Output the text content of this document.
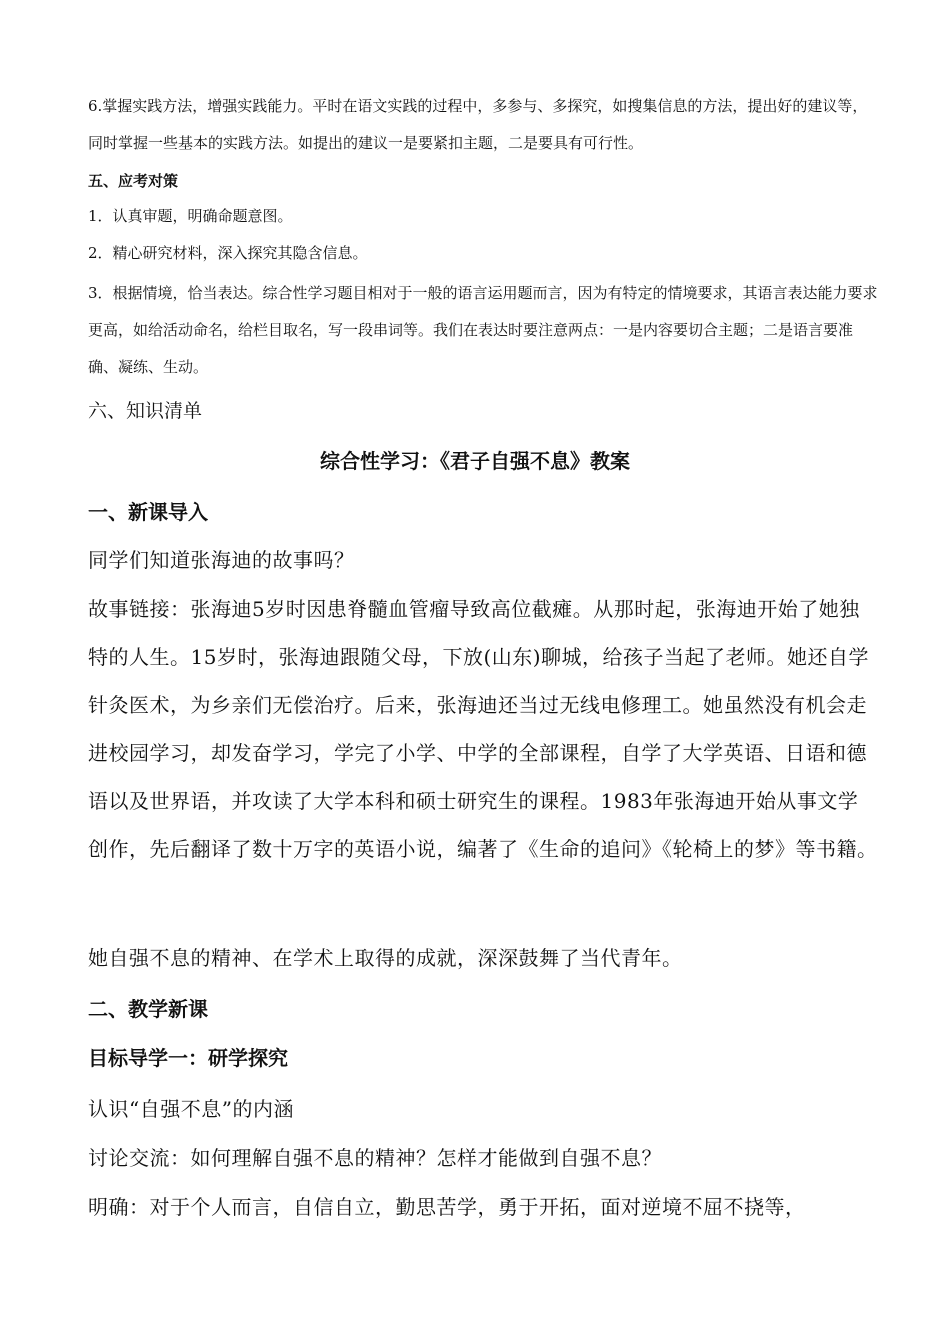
6.掌握实践方法，增强实践能力。平时在语文实践的过程中，多参与、多探究，如搜集信息的方法，提出好的建议等，同时掌握一些基本的实践方法。如提出的建议一是要紧扣主题，二是要具有可行性。

五、应考对策

1．认真审题，明确命题意图。

2．精心研究材料，深入探究其隐含信息。

3．根据情境，恰当表达。综合性学习题目相对于一般的语言运用题而言，因为有特定的情境要求，其语言表达能力要求更高，如给活动命名，给栏目取名，写一段串词等。我们在表达时要注意两点：一是内容要切合主题；二是语言要准确、凝练、生动。

六、知识清单

综合性学习：《君子自强不息》教案

一、新课导入

同学们知道张海迪的故事吗？

故事链接：张海迪5岁时因患脊髓血管瘤导致高位截瘫。从那时起，张海迪开始了她独特的人生。15岁时，张海迪跟随父母，下放(山东)聊城，给孩子当起了老师。她还自学针灸医术，为乡亲们无偿治疗。后来，张海迪还当过无线电修理工。她虽然没有机会走进校园学习，却发奋学习，学完了小学、中学的全部课程，自学了大学英语、日语和德语以及世界语，并攻读了大学本科和硕士研究生的课程。1983年张海迪开始从事文学创作，先后翻译了数十万字的英语小说，编著了《生命的追问》《轮椅上的梦》等书籍。

她自强不息的精神、在学术上取得的成就，深深鼓舞了当代青年。

二、教学新课

目标导学一：研学探究

认识“自强不息”的内涵

讨论交流：如何理解自强不息的精神？怎样才能做到自强不息？

明确：对于个人而言，自信自立，勤思苦学，勇于开拓，面对逆境不屈不挠等，
